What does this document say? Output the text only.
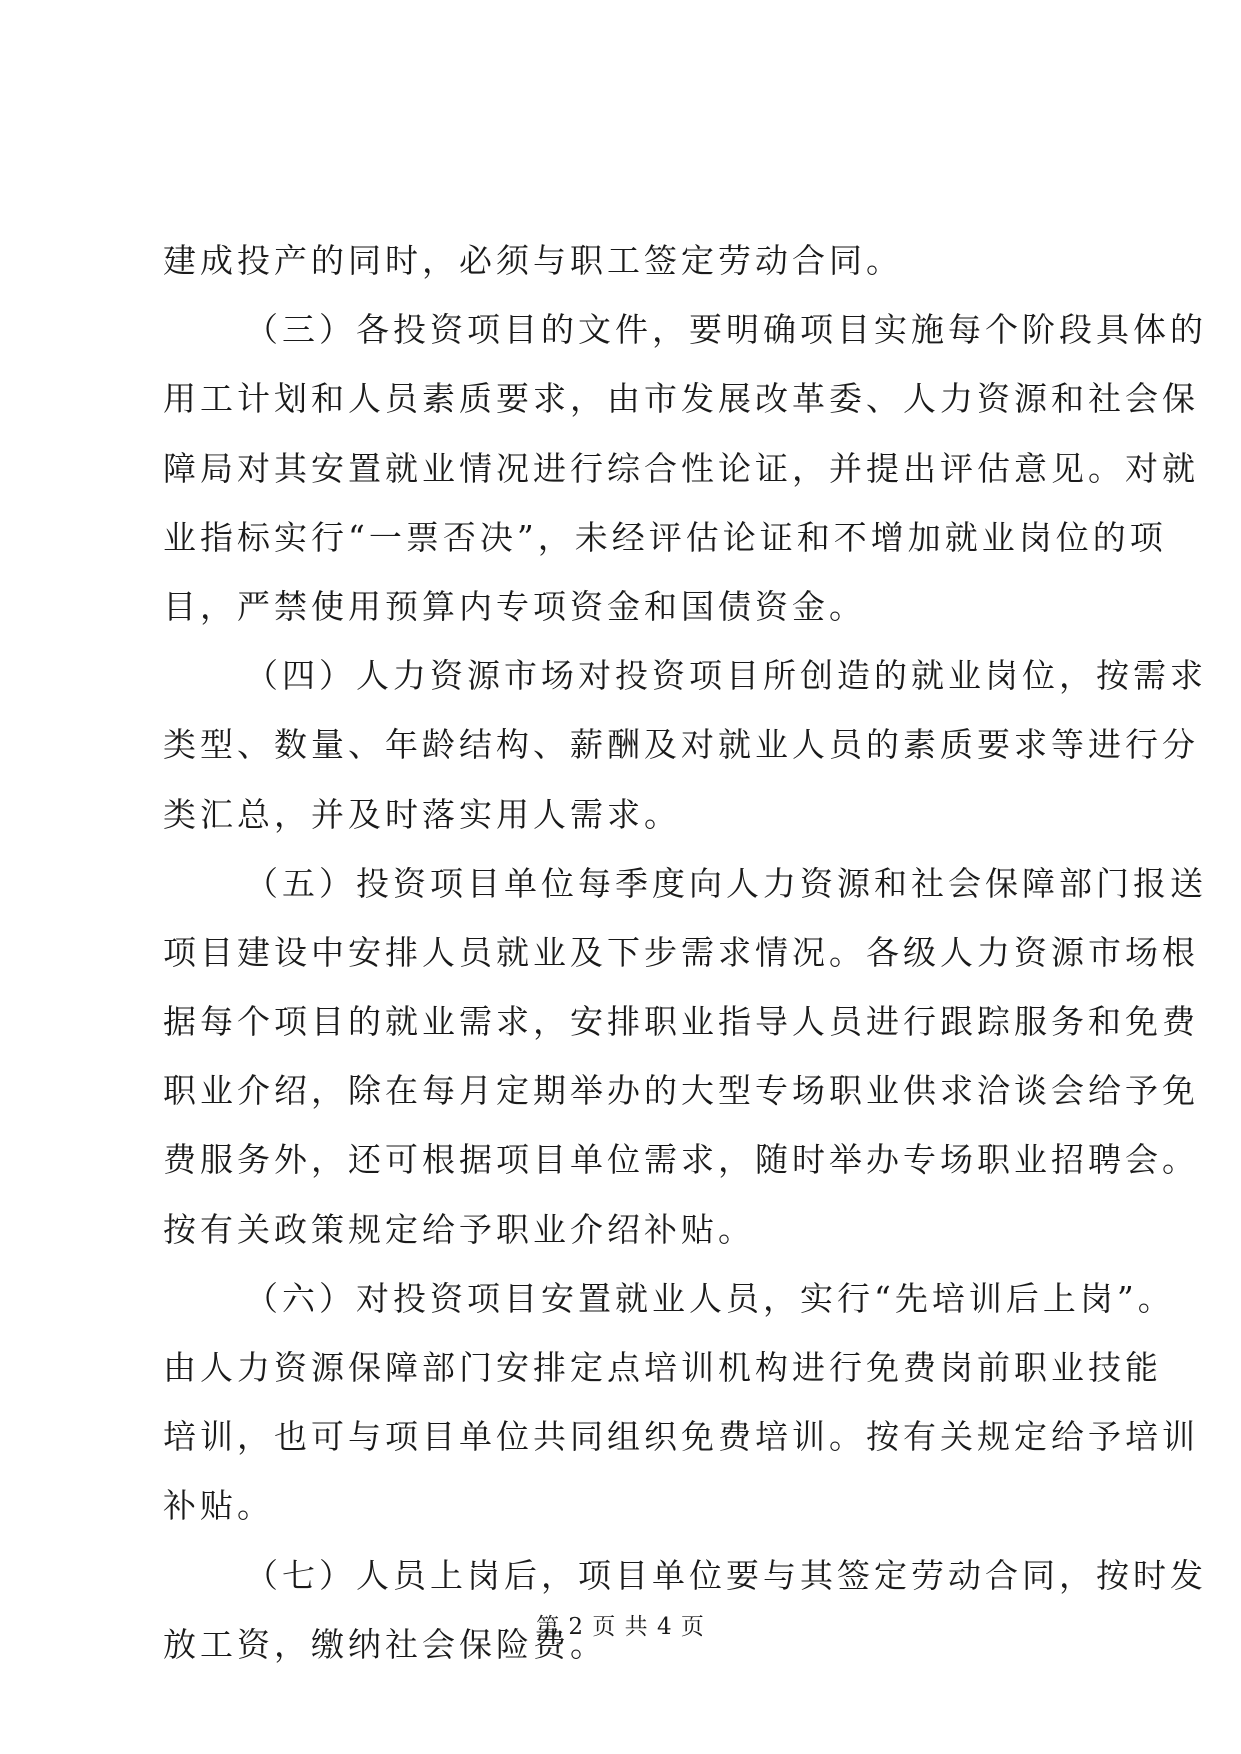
建成投产的同时，必须与职工签定劳动合同。
（三）各投资项目的文件，要明确项目实施每个阶段具体的
用工计划和人员素质要求，由市发展改革委、人力资源和社会保
障局对其安置就业情况进行综合性论证，并提出评估意见。对就
业指标实行“一票否决”，未经评估论证和不增加就业岗位的项
目，严禁使用预算内专项资金和国债资金。
（四）人力资源市场对投资项目所创造的就业岗位，按需求
类型、数量、年龄结构、薪酬及对就业人员的素质要求等进行分
类汇总，并及时落实用人需求。
（五）投资项目单位每季度向人力资源和社会保障部门报送
项目建设中安排人员就业及下步需求情况。各级人力资源市场根
据每个项目的就业需求，安排职业指导人员进行跟踪服务和免费
职业介绍，除在每月定期举办的大型专场职业供求洽谈会给予免
费服务外，还可根据项目单位需求，随时举办专场职业招聘会。
按有关政策规定给予职业介绍补贴。
（六）对投资项目安置就业人员，实行“先培训后上岗”。
由人力资源保障部门安排定点培训机构进行免费岗前职业技能
培训，也可与项目单位共同组织免费培训。按有关规定给予培训
补贴。
（七）人员上岗后，项目单位要与其签定劳动合同，按时发
放工资，缴纳社会保险费。
第 2 页 共 4 页
